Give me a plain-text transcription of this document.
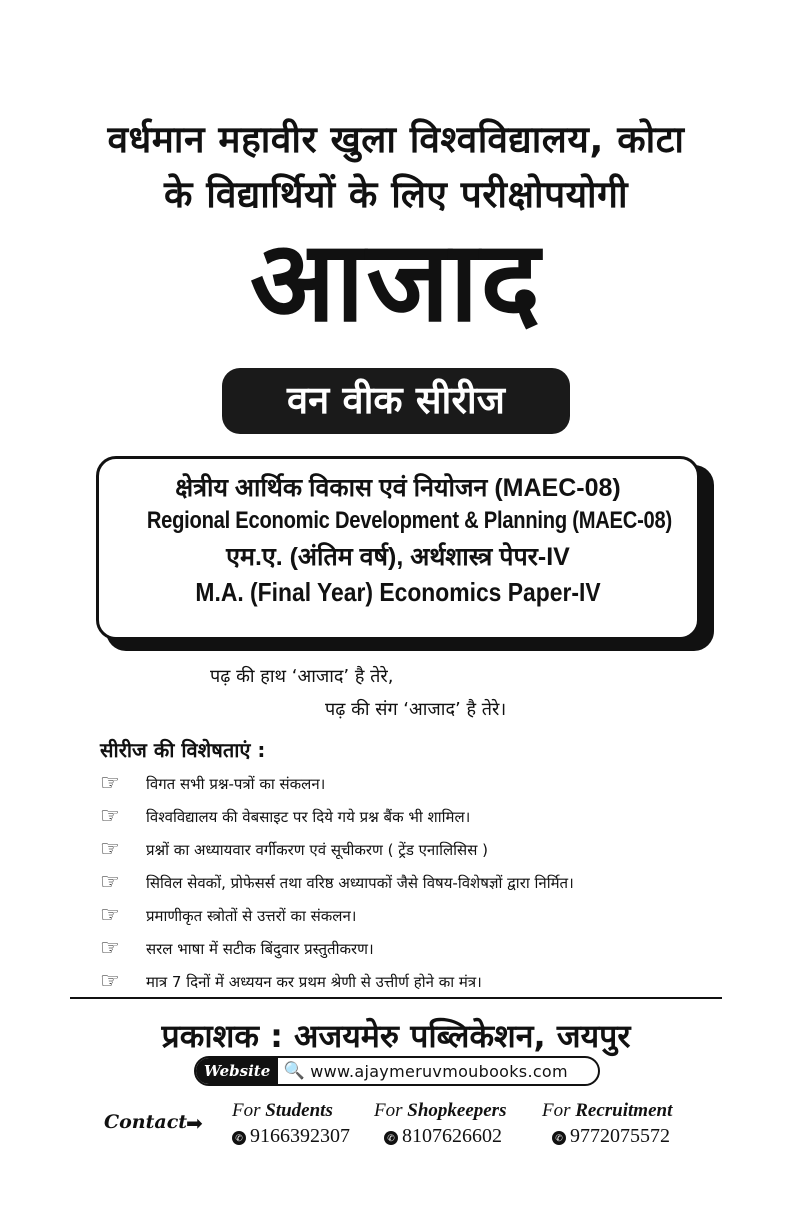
वर्धमान महावीर खुला विश्वविद्यालय, कोटा
के विद्यार्थियों के लिए परीक्षोपयोगी
आजाद
वन वीक सीरीज
क्षेत्रीय आर्थिक विकास एवं नियोजन (MAEC-08)
Regional Economic Development & Planning (MAEC-08)
एम.ए. (अंतिम वर्ष), अर्थशास्त्र पेपर-IV
M.A. (Final Year) Economics Paper-IV
पढ़ की हाथ ‘आजाद’ है तेरे,
पढ़ की संग ‘आजाद’ है तेरे।
सीरीज की विशेषताएं :
☞	विगत सभी प्रश्न-पत्रों का संकलन।
☞	विश्वविद्यालय की वेबसाइट पर दिये गये प्रश्न बैंक भी शामिल।
☞	प्रश्नों का अध्यायवार वर्गीकरण एवं सूचीकरण ( ट्रेंड एनालिसिस )
☞	सिविल सेवकों, प्रोफेसर्स तथा वरिष्ठ अध्यापकों जैसे विषय-विशेषज्ञों द्वारा निर्मित।
☞	प्रमाणीकृत स्त्रोतों से उत्तरों का संकलन।
☞	सरल भाषा में सटीक बिंदुवार प्रस्तुतीकरण।
☞	मात्र 7 दिनों में अध्ययन कर प्रथम श्रेणी से उत्तीर्ण होने का मंत्र।
प्रकाशक : अजयमेरु पब्लिकेशन, जयपुर
Website 🔍 www.ajaymeruvmoubooks.com
Contact
➡
For Students
✆ 9166392307
For Shopkeepers
✆ 8107626602
For Recruitment
✆ 9772075572
